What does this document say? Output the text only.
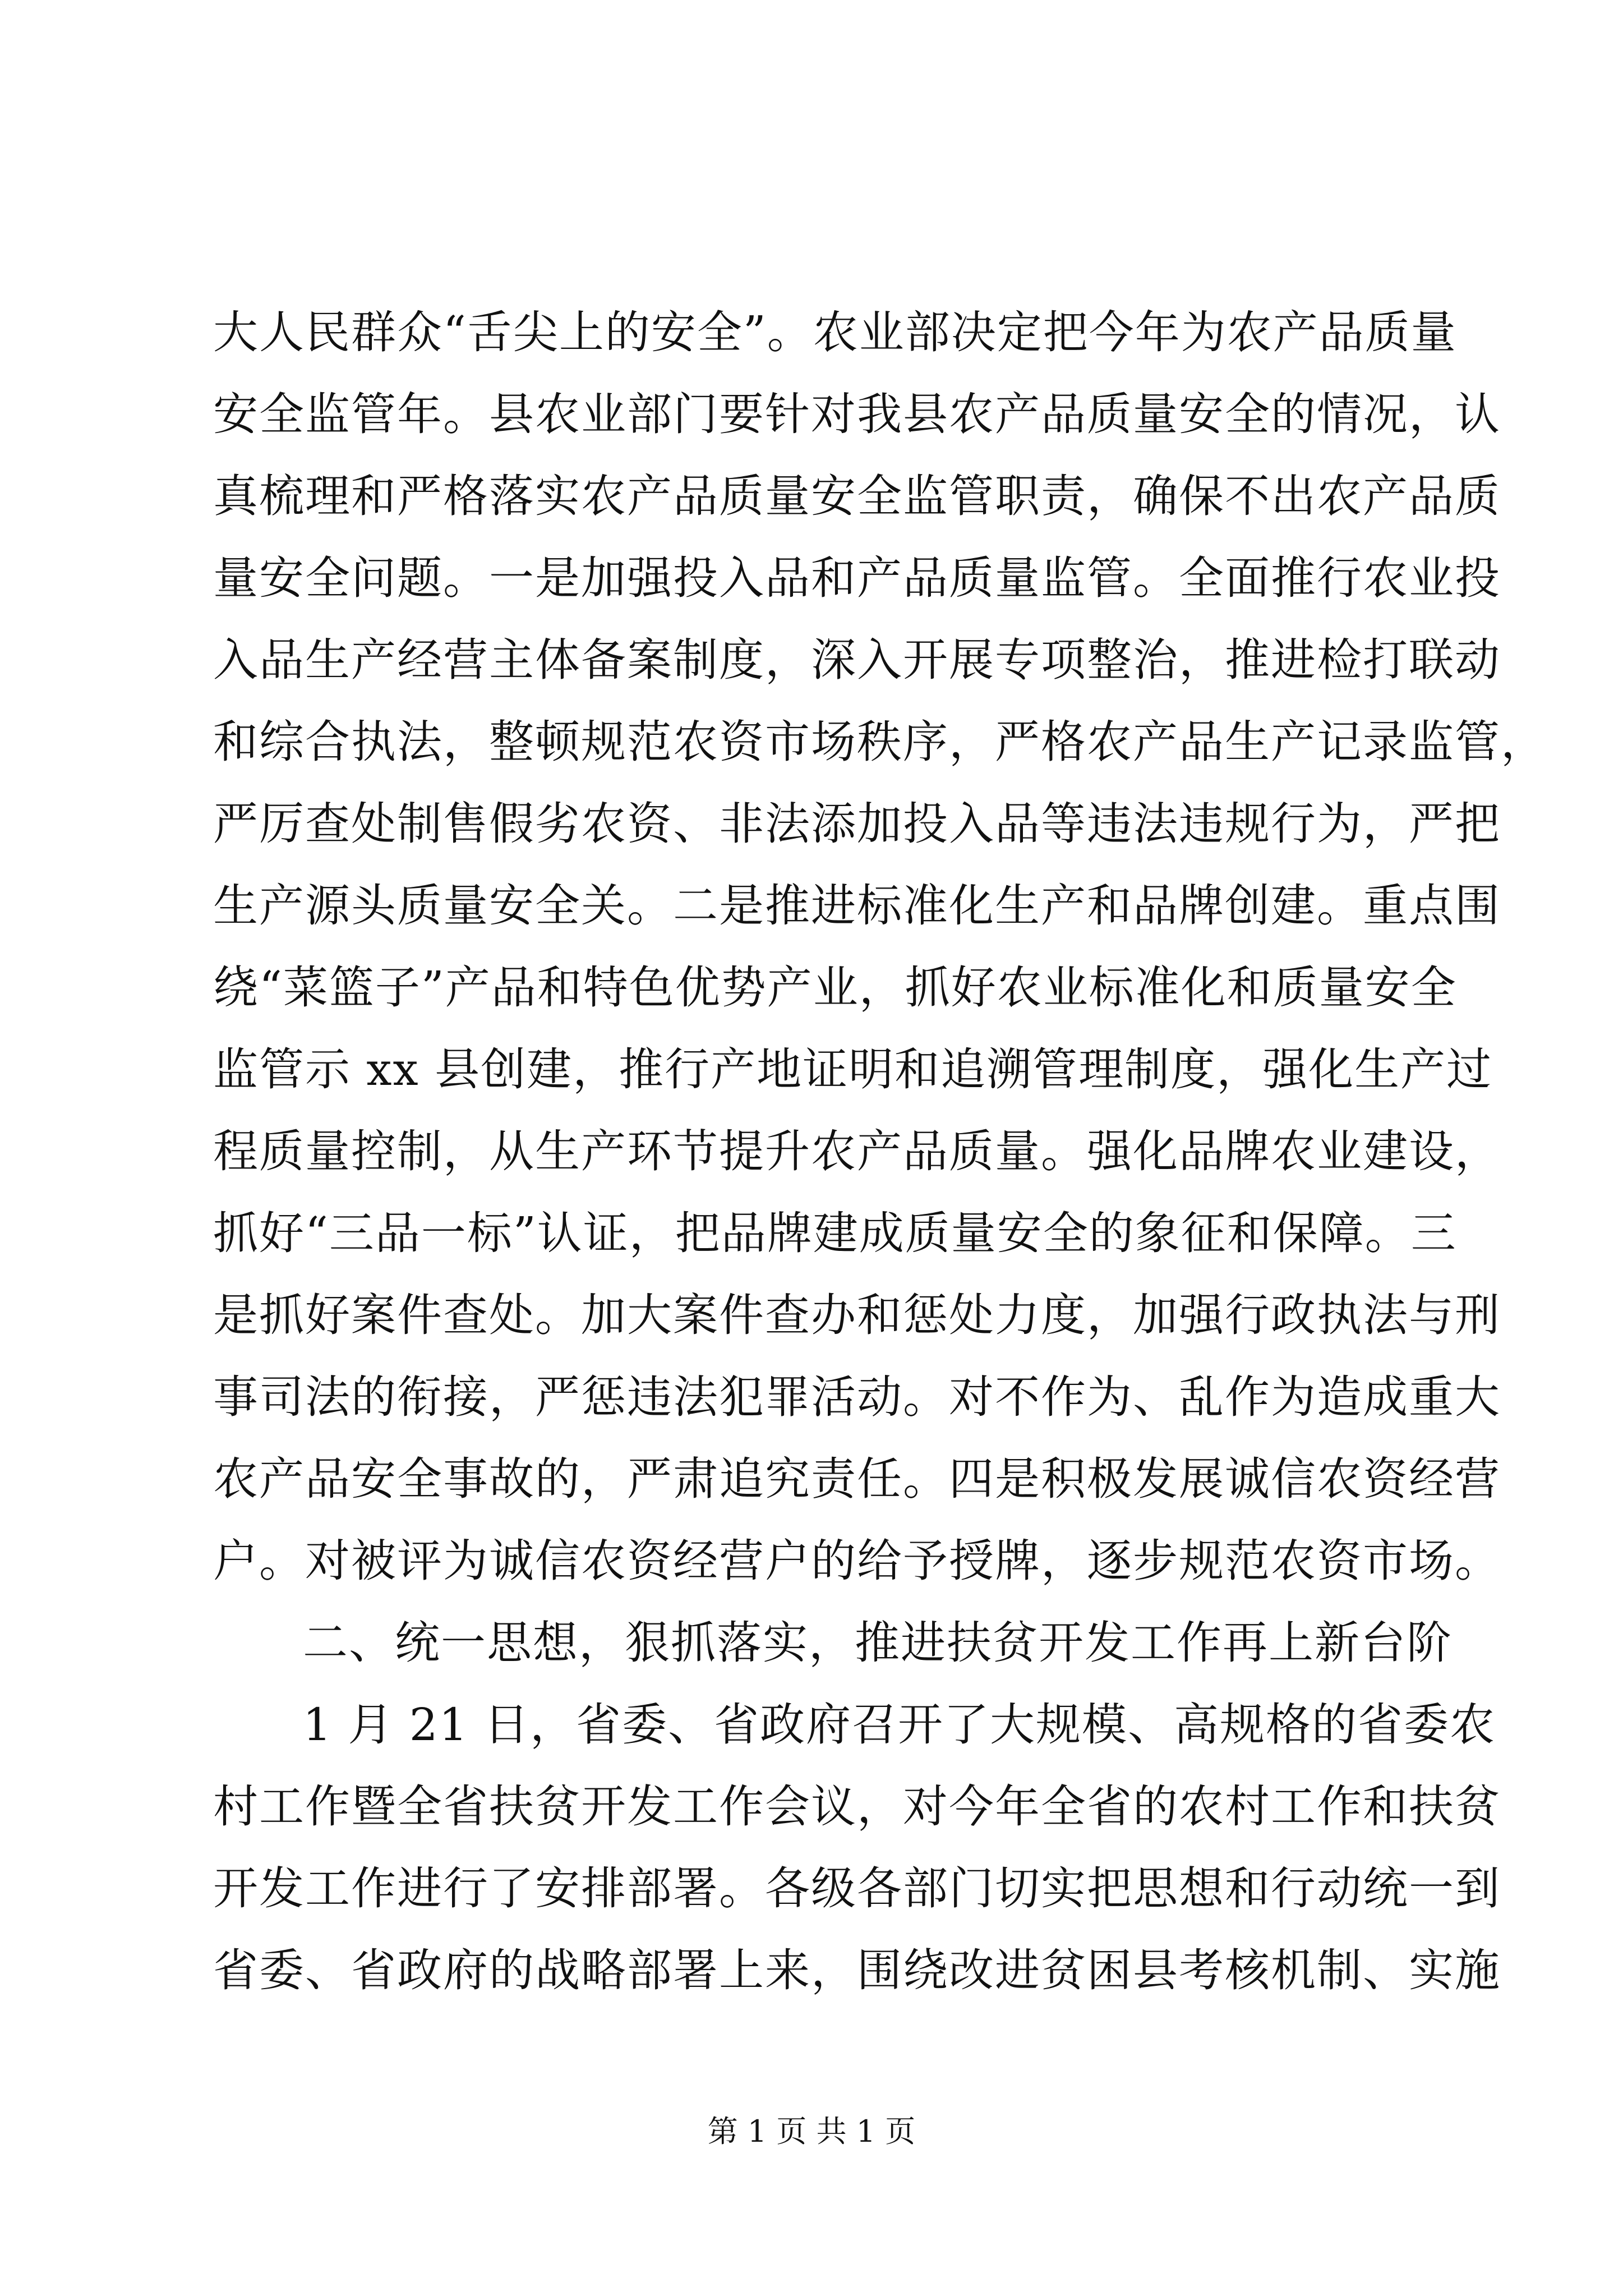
大人民群众“舌尖上的安全”。农业部决定把今年为农产品质量
安全监管年。县农业部门要针对我县农产品质量安全的情况，认
真梳理和严格落实农产品质量安全监管职责，确保不出农产品质
量安全问题。一是加强投入品和产品质量监管。全面推行农业投
入品生产经营主体备案制度，深入开展专项整治，推进检打联动
和综合执法，整顿规范农资市场秩序，严格农产品生产记录监管，
严厉查处制售假劣农资、非法添加投入品等违法违规行为，严把
生产源头质量安全关。二是推进标准化生产和品牌创建。重点围
绕“菜篮子”产品和特色优势产业，抓好农业标准化和质量安全
监管示 xx 县创建，推行产地证明和追溯管理制度，强化生产过
程质量控制，从生产环节提升农产品质量。强化品牌农业建设，
抓好“三品一标”认证，把品牌建成质量安全的象征和保障。三
是抓好案件查处。加大案件查办和惩处力度，加强行政执法与刑
事司法的衔接，严惩违法犯罪活动。对不作为、乱作为造成重大
农产品安全事故的，严肃追究责任。四是积极发展诚信农资经营
户。对被评为诚信农资经营户的给予授牌，逐步规范农资市场。
二、统一思想，狠抓落实，推进扶贫开发工作再上新台阶
1 月 21 日，省委、省政府召开了大规模、高规格的省委农
村工作暨全省扶贫开发工作会议，对今年全省的农村工作和扶贫
开发工作进行了安排部署。各级各部门切实把思想和行动统一到
省委、省政府的战略部署上来，围绕改进贫困县考核机制、实施
第 1 页 共 1 页
